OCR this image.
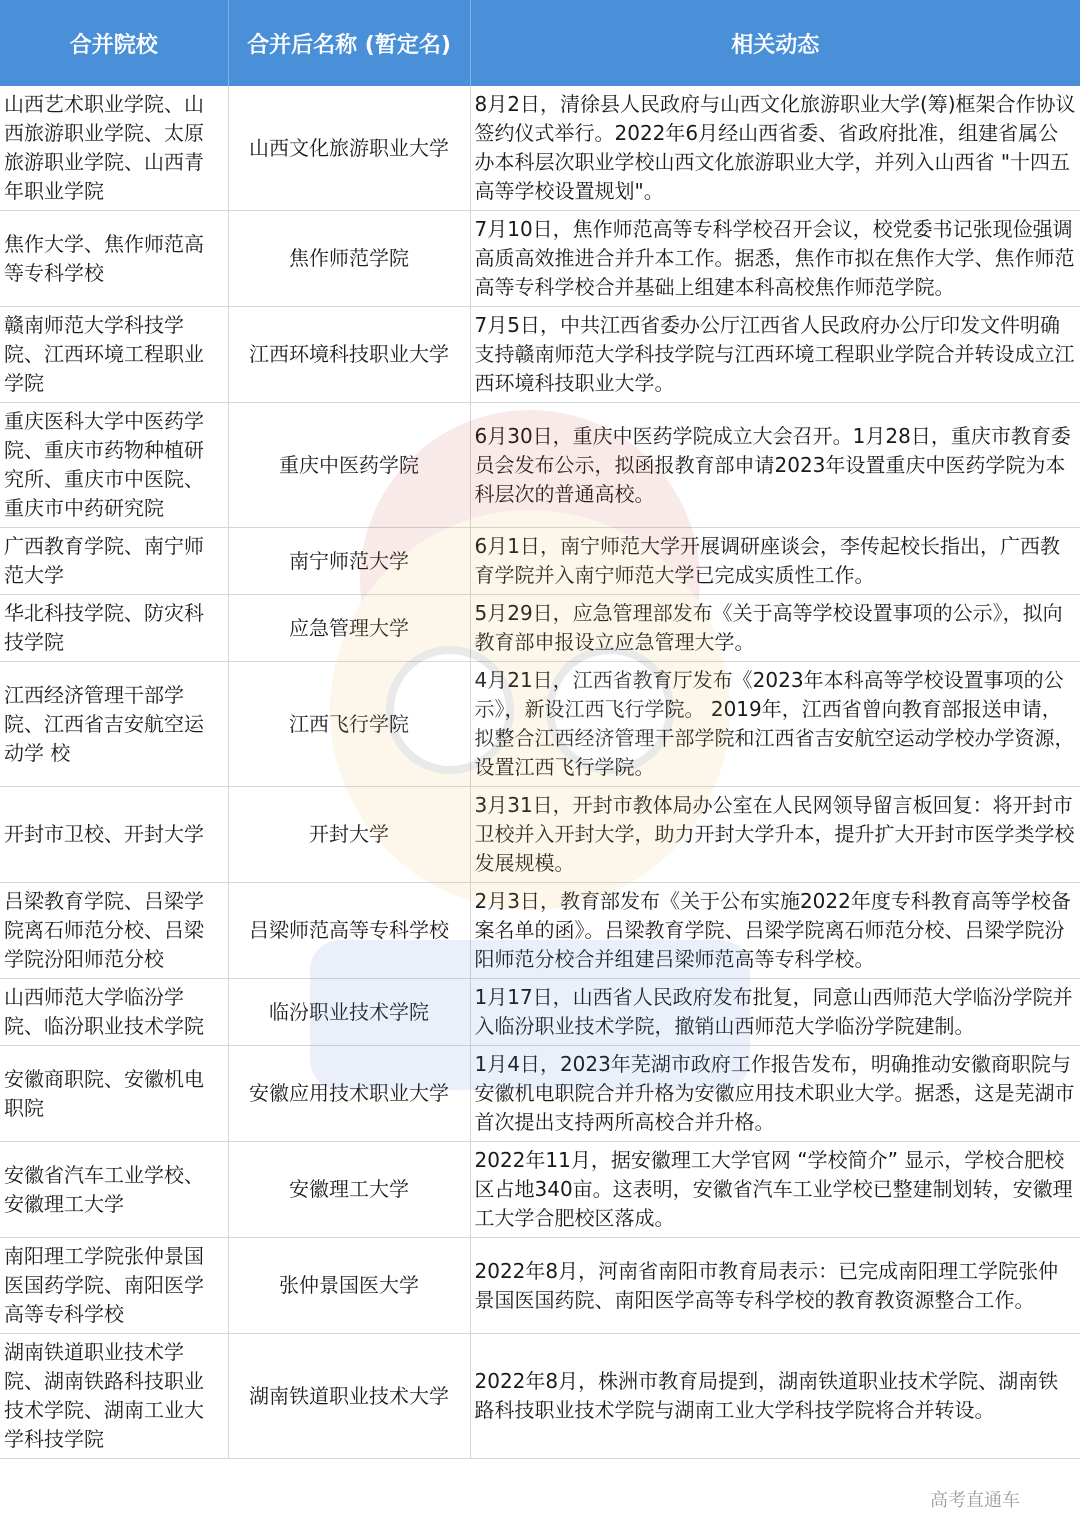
合并院校	合并后名称 (暂定名)	相关动态
山西艺术职业学院、山西旅游职业学院、太原旅游职业学院、山西青年职业学院	山西文化旅游职业大学	8月2日，清徐县人民政府与山西文化旅游职业大学(筹)框架合作协议签约仪式举行。2022年6月经山西省委、省政府批准，组建省属公办本科层次职业学校山西文化旅游职业大学，并列入山西省 "十四五高等学校设置规划"。
焦作大学、焦作师范高等专科学校	焦作师范学院	7月10日，焦作师范高等专科学校召开会议，校党委书记张现俭强调高质高效推进合并升本工作。据悉，焦作市拟在焦作大学、焦作师范高等专科学校合并基础上组建本科高校焦作师范学院。
赣南师范大学科技学院、江西环境工程职业学院	江西环境科技职业大学	7月5日，中共江西省委办公厅江西省人民政府办公厅印发文件明确支持赣南师范大学科技学院与江西环境工程职业学院合并转设成立江西环境科技职业大学。
重庆医科大学中医药学院、重庆市药物种植研究所、重庆市中医院、重庆市中药研究院	重庆中医药学院	6月30日，重庆中医药学院成立大会召开。1月28日，重庆市教育委员会发布公示，拟函报教育部申请2023年设置重庆中医药学院为本科层次的普通高校。
广西教育学院、南宁师范大学	南宁师范大学	6月1日，南宁师范大学开展调研座谈会，李传起校长指出，广西教育学院并入南宁师范大学已完成实质性工作。
华北科技学院、防灾科技学院	应急管理大学	5月29日，应急管理部发布《关于高等学校设置事项的公示》，拟向教育部申报设立应急管理大学。
江西经济管理干部学院、江西省吉安航空运动学 校	江西飞行学院	4月21日，江西省教育厅发布《2023年本科高等学校设置事项的公示》，新设江西飞行学院。 2019年，江西省曾向教育部报送申请，拟整合江西经济管理干部学院和江西省吉安航空运动学校办学资源，设置江西飞行学院。
开封市卫校、开封大学	开封大学	3月31日，开封市教体局办公室在人民网领导留言板回复：将开封市卫校并入开封大学，助力开封大学升本，提升扩大开封市医学类学校发展规模。
吕梁教育学院、吕梁学院离石师范分校、吕梁学院汾阳师范分校	吕梁师范高等专科学校	2月3日，教育部发布《关于公布实施2022年度专科教育高等学校备案名单的函》。吕梁教育学院、吕梁学院离石师范分校、吕梁学院汾阳师范分校合并组建吕梁师范高等专科学校。
山西师范大学临汾学院、临汾职业技术学院	临汾职业技术学院	1月17日，山西省人民政府发布批复，同意山西师范大学临汾学院并入临汾职业技术学院，撤销山西师范大学临汾学院建制。
安徽商职院、安徽机电职院	安徽应用技术职业大学	1月4日，2023年芜湖市政府工作报告发布，明确推动安徽商职院与安徽机电职院合并升格为安徽应用技术职业大学。据悉，这是芜湖市首次提出支持两所高校合并升格。
安徽省汽车工业学校、安徽理工大学	安徽理工大学	2022年11月，据安徽理工大学官网 “学校简介” 显示，学校合肥校区占地340亩。这表明，安徽省汽车工业学校已整建制划转，安徽理工大学合肥校区落成。
南阳理工学院张仲景国医国药学院、南阳医学高等专科学校	张仲景国医大学	2022年8月，河南省南阳市教育局表示：已完成南阳理工学院张仲景国医国药院、南阳医学高等专科学校的教育教资源整合工作。
湖南铁道职业技术学院、湖南铁路科技职业技术学院、湖南工业大学科技学院	湖南铁道职业技术大学	2022年8月，株洲市教育局提到，湖南铁道职业技术学院、湖南铁路科技职业技术学院与湖南工业大学科技学院将合并转设。
高考直通车
